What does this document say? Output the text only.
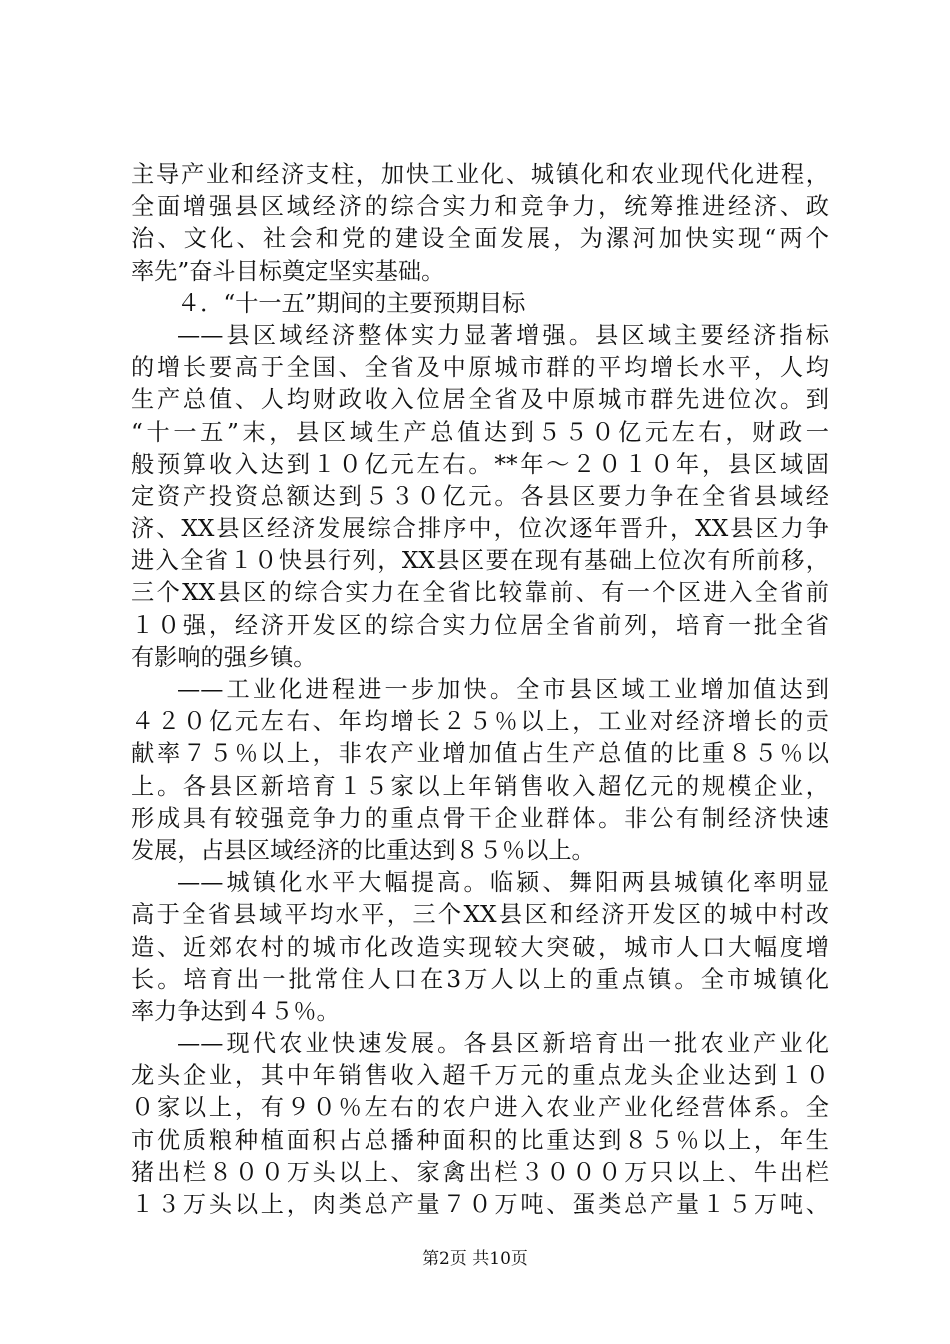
主导产业和经济支柱，加快工业化、城镇化和农业现代化进程，
全面增强县区域经济的综合实力和竞争力，统筹推进经济、政
治、文化、社会和党的建设全面发展，为漯河加快实现“两个
率先”奋斗目标奠定坚实基础。
４．“十一五”期间的主要预期目标
——县区域经济整体实力显著增强。县区域主要经济指标
的增长要高于全国、全省及中原城市群的平均增长水平，人均
生产总值、人均财政收入位居全省及中原城市群先进位次。到
“十一五”末，县区域生产总值达到５５０亿元左右，财政一
般预算收入达到１０亿元左右。**年～２０１０年，县区域固
定资产投资总额达到５３０亿元。各县区要力争在全省县域经
济、XX县区经济发展综合排序中，位次逐年晋升，XX县区力争
进入全省１０快县行列，XX县区要在现有基础上位次有所前移，
三个XX县区的综合实力在全省比较靠前、有一个区进入全省前
１０强，经济开发区的综合实力位居全省前列，培育一批全省
有影响的强乡镇。
——工业化进程进一步加快。全市县区域工业增加值达到
４２０亿元左右、年均增长２５％以上，工业对经济增长的贡
献率７５％以上，非农产业增加值占生产总值的比重８５％以
上。各县区新培育１５家以上年销售收入超亿元的规模企业，
形成具有较强竞争力的重点骨干企业群体。非公有制经济快速
发展，占县区域经济的比重达到８５％以上。
——城镇化水平大幅提高。临颍、舞阳两县城镇化率明显
高于全省县域平均水平，三个XX县区和经济开发区的城中村改
造、近郊农村的城市化改造实现较大突破，城市人口大幅度增
长。培育出一批常住人口在3万人以上的重点镇。全市城镇化
率力争达到４５％。
——现代农业快速发展。各县区新培育出一批农业产业化
龙头企业，其中年销售收入超千万元的重点龙头企业达到１０
０家以上，有９０％左右的农户进入农业产业化经营体系。全
市优质粮种植面积占总播种面积的比重达到８５％以上，年生
猪出栏８００万头以上、家禽出栏３０００万只以上、牛出栏
１３万头以上，肉类总产量７０万吨、蛋类总产量１５万吨、
第2页 共10页
